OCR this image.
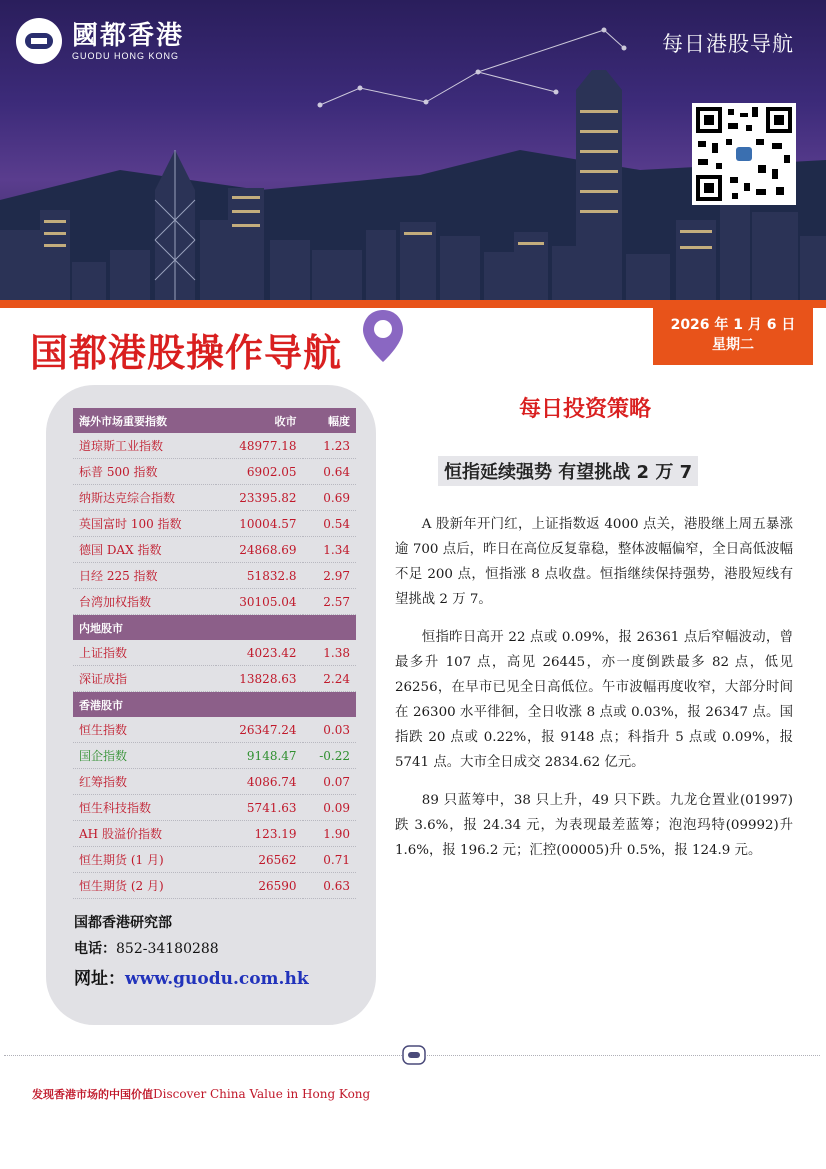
國都香港
GUODU HONG KONG	每日港股导航
国都港股操作导航
2026 年 1 月 6 日
星期二
海外市场重要指数	收市	幅度
道琼斯工业指数	48977.18	1.23
标普 500 指数	6902.05	0.64
纳斯达克综合指数	23395.82	0.69
英国富时 100 指数	10004.57	0.54
德国 DAX 指数	24868.69	1.34
日经 225 指数	51832.8	2.97
台湾加权指数	30105.04	2.57
内地股市		
上证指数	4023.42	1.38
深证成指	13828.63	2.24
香港股市		
恒生指数	26347.24	0.03
国企指数	9148.47	-0.22
红筹指数	4086.74	0.07
恒生科技指数	5741.63	0.09
AH 股溢价指数	123.19	1.90
恒生期货 (1 月)	26562	0.71
恒生期货 (2 月)	26590	0.63
国都香港研究部
电话：852-34180288
网址：www.guodu.com.hk
每日投资策略
恒指延续强势 有望挑战 2 万 7

A 股新年开门红，上证指数返 4000 点关，港股继上周五暴涨逾 700 点后，昨日在高位反复靠稳，整体波幅偏窄，全日高低波幅不足 200 点，恒指涨 8 点收盘。恒指继续保持强势，港股短线有望挑战 2 万 7。

恒指昨日高开 22 点或 0.09%，报 26361 点后窄幅波动，曾最多升 107 点，高见 26445，亦一度倒跌最多 82 点，低见 26256，在早市已见全日高低位。午市波幅再度收窄，大部分时间在 26300 水平徘徊，全日收涨 8 点或 0.03%，报 26347 点。国指跌 20 点或 0.22%，报 9148 点；科指升 5 点或 0.09%，报 5741 点。大市全日成交 2834.62 亿元。

89 只蓝筹中，38 只上升，49 只下跌。九龙仓置业(01997)跌 3.6%，报 24.34 元，为表现最差蓝筹；泡泡玛特(09992)升 1.6%，报 196.2 元；汇控(00005)升 0.5%，报 124.9 元。

发现香港市场的中国价值Discover China Value in Hong Kong
